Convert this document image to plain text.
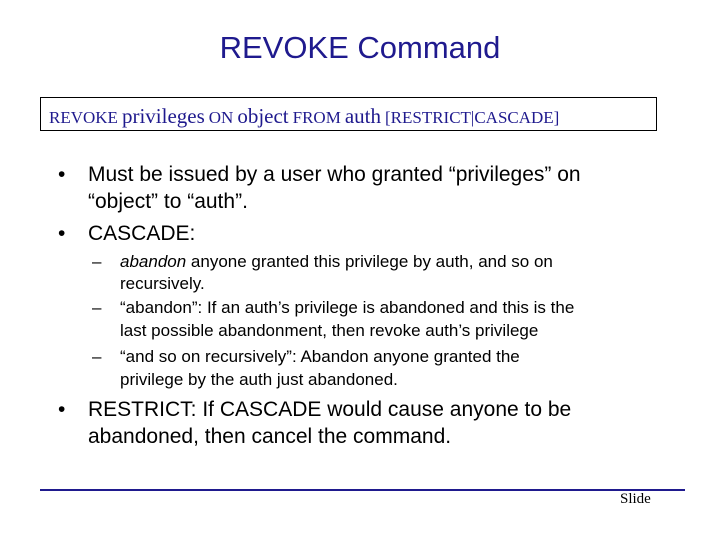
REVOKE Command
REVOKE privileges ON object FROM auth [RESTRICT|CASCADE]
• Must be issued by a user who granted “privileges” on
“object” to “auth”.
• CASCADE:
– abandon anyone granted this privilege by auth, and so on
recursively.
– “abandon”: If an auth’s privilege is abandoned and this is the
last possible abandonment, then revoke auth’s privilege
– “and so on recursively”: Abandon anyone granted the
privilege by the auth just abandoned.
• RESTRICT: If CASCADE would cause anyone to be
abandoned, then cancel the command.
Slide
